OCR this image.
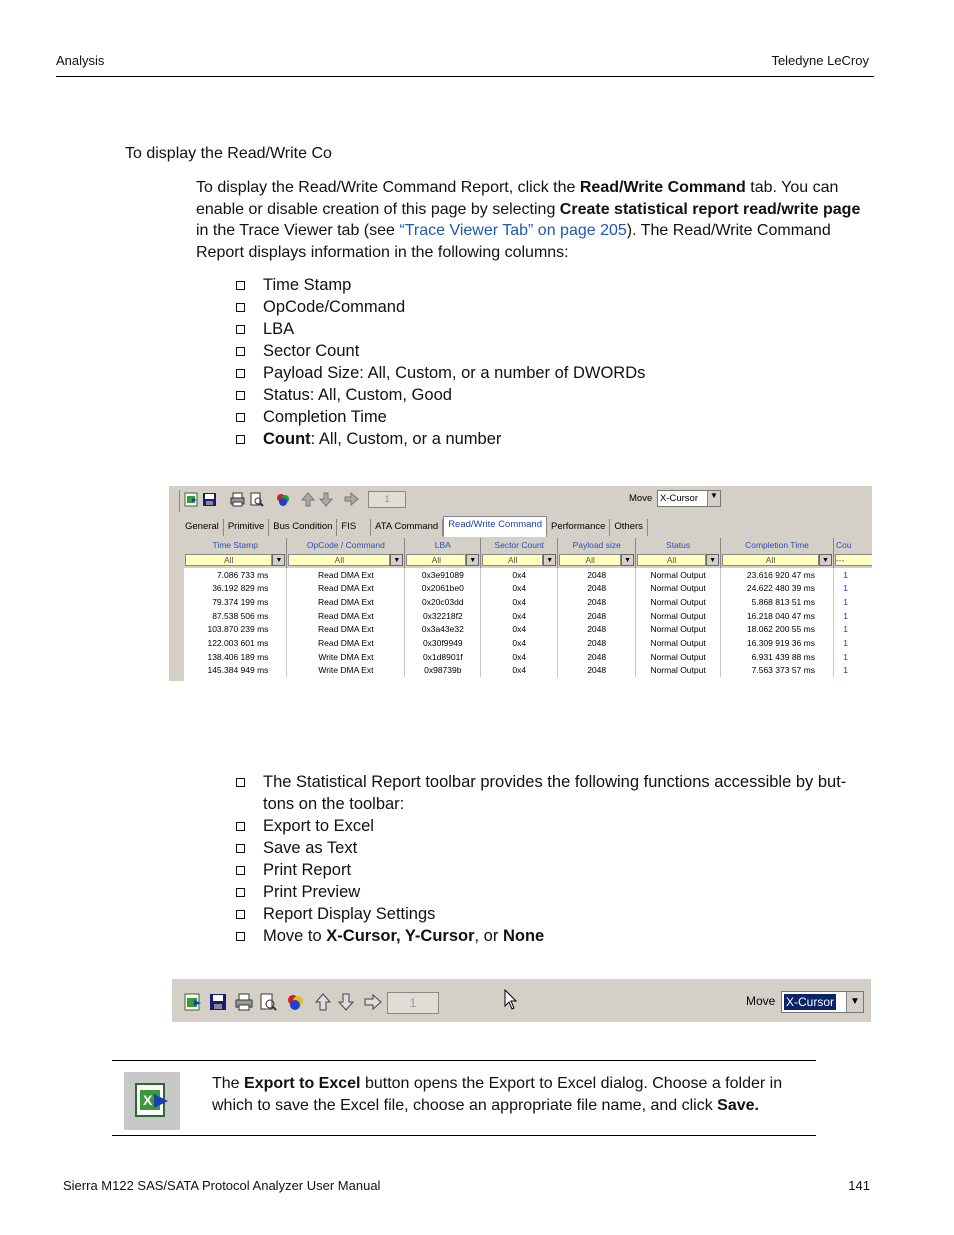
Analysis	Teledyne LeCroy
To display the Read/Write Co
To display the Read/Write Command Report, click the Read/Write Command tab. You can enable or disable creation of this page by selecting Create statistical report read/write page in the Trace Viewer tab (see “Trace Viewer Tab” on page 205). The Read/Write Command Report displays information in the following columns:
Time Stamp
OpCode/Command
LBA
Sector Count
Payload Size: All, Custom, or a number of DWORDs
Status: All, Custom, Good
Completion Time
Count: All, Custom, or a number
1	Move X-Cursor	▼
General Primitive Bus Condition FIS	ATA Command	Read/Write Command Performance Others
Time Stamp	OpCode / Command	LBA	Sector Count	Payload size	Status	Completion Time	Cou

All ▼	All ▼	All ▼	All ▼	All ▼	All ▼	All ▼	---

7.086 733 ms	Read DMA Ext	0x3e91089	0x4	2048	Normal Output	23.616 920 47 ms	1
36.192 829 ms	Read DMA Ext	0x2061be0	0x4	2048	Normal Output	24.622 480 39 ms	1
79.374 199 ms	Read DMA Ext	0x20c03dd	0x4	2048	Normal Output	5.868 813 51 ms	1
87.538 506 ms	Read DMA Ext	0x32218f2	0x4	2048	Normal Output	16.218 040 47 ms	1
103.870 239 ms	Read DMA Ext	0x3a43e32	0x4	2048	Normal Output	18.062 200 55 ms	1
122.003 601 ms	Read DMA Ext	0x30f9949	0x4	2048	Normal Output	16.309 919 36 ms	1
138.406 189 ms	Write DMA Ext	0x1d8901f	0x4	2048	Normal Output	6.931 439 88 ms	1
145.384 949 ms	Write DMA Ext	0x98739b	0x4	2048	Normal Output	7.563 373 57 ms	1
The Statistical Report toolbar provides the following functions accessible by but-tons on the toolbar:
Export to Excel
Save as Text
Print Report
Print Preview
Report Display Settings
Move to X-Cursor, Y-Cursor, or None
1	Move X-Cursor	▼
X
The Export to Excel button opens the Export to Excel dialog. Choose a folder in which to save the Excel file, choose an appropriate file name, and click Save.
Sierra M122 SAS/SATA Protocol Analyzer User Manual	141
